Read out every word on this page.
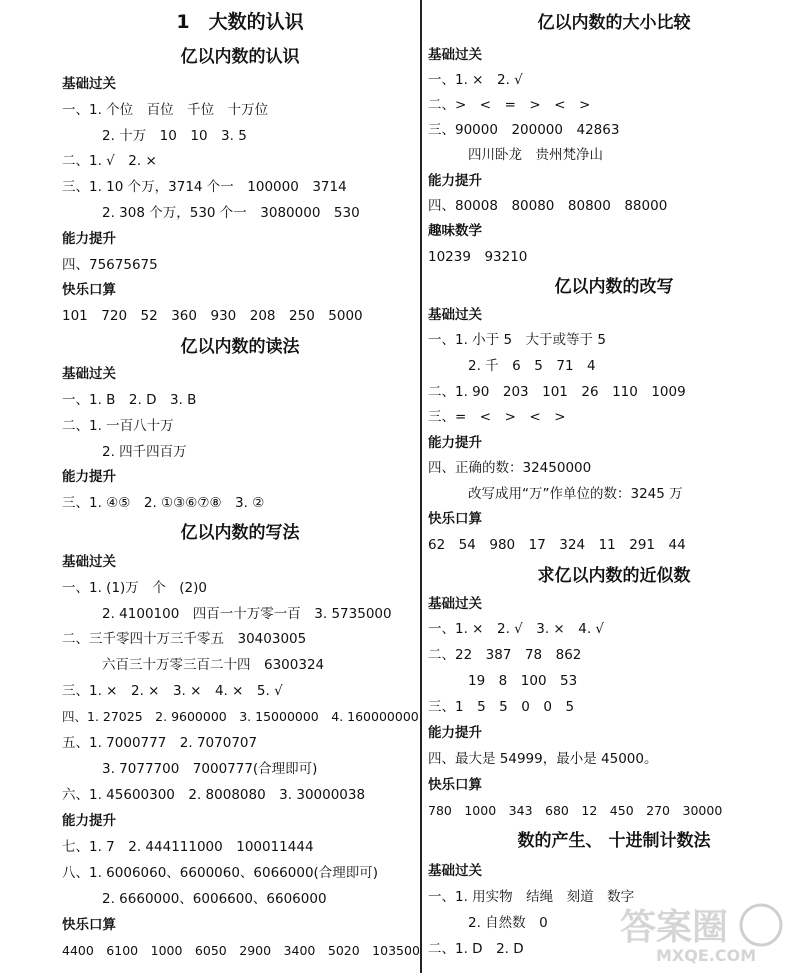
1　大数的认识
亿以内数的认识
基础过关
一、1. 个位　百位　千位　十万位
2. 十万　10　10　3. 5
二、1. √　2. ×
三、1. 10 个万，3714 个一　100000　3714
2. 308 个万，530 个一　3080000　530
能力提升
四、75675675
快乐口算
101　720　52　360　930　208　250　5000
亿以内数的读法
基础过关
一、1. B　2. D　3. B
二、1. 一百八十万
2. 四千四百万
能力提升
三、1. ④⑤　2. ①③⑥⑦⑧　3. ②
亿以内数的写法
基础过关
一、1. (1)万　个　(2)0
2. 4100100　四百一十万零一百　3. 5735000
二、三千零四十万三千零五　30403005
六百三十万零三百二十四　6300324
三、1. ×　2. ×　3. ×　4. ×　5. √
四、1. 27025　2. 9600000　3. 15000000　4. 160000000
五、1. 7000777　2. 7070707
3. 7077700　7000777(合理即可)
六、1. 45600300　2. 8008080　3. 30000038
能力提升
七、1. 7　2. 444111000　100011444
八、1. 6006060、6600060、6066000(合理即可)
2. 6660000、6006600、6606000
快乐口算
4400　6100　1000　6050　2900　3400　5020　103500
亿以内数的大小比较
基础过关
一、1. ×　2. √
二、>　<　=　>　<　>
三、90000　200000　42863
四川卧龙　贵州梵净山
能力提升
四、80008　80080　80800　88000
趣味数学
10239　93210
亿以内数的改写
基础过关
一、1. 小于 5　大于或等于 5
2. 千　6　5　71　4
二、1. 90　203　101　26　110　1009
三、=　<　>　<　>
能力提升
四、正确的数：32450000
改写成用“万”作单位的数：3245 万
快乐口算
62　54　980　17　324　11　291　44
求亿以内数的近似数
基础过关
一、1. ×　2. √　3. ×　4. √
二、22　387　78　862
19　8　100　53
三、1　5　5　0　0　5
能力提升
四、最大是 54999，最小是 45000。
快乐口算
780　1000　343　680　12　450　270　30000
数的产生、 十进制计数法
基础过关
一、1. 用实物　结绳　刻道　数字
2. 自然数　0
二、1. D　2. D
答案圈
MXQE.COM
